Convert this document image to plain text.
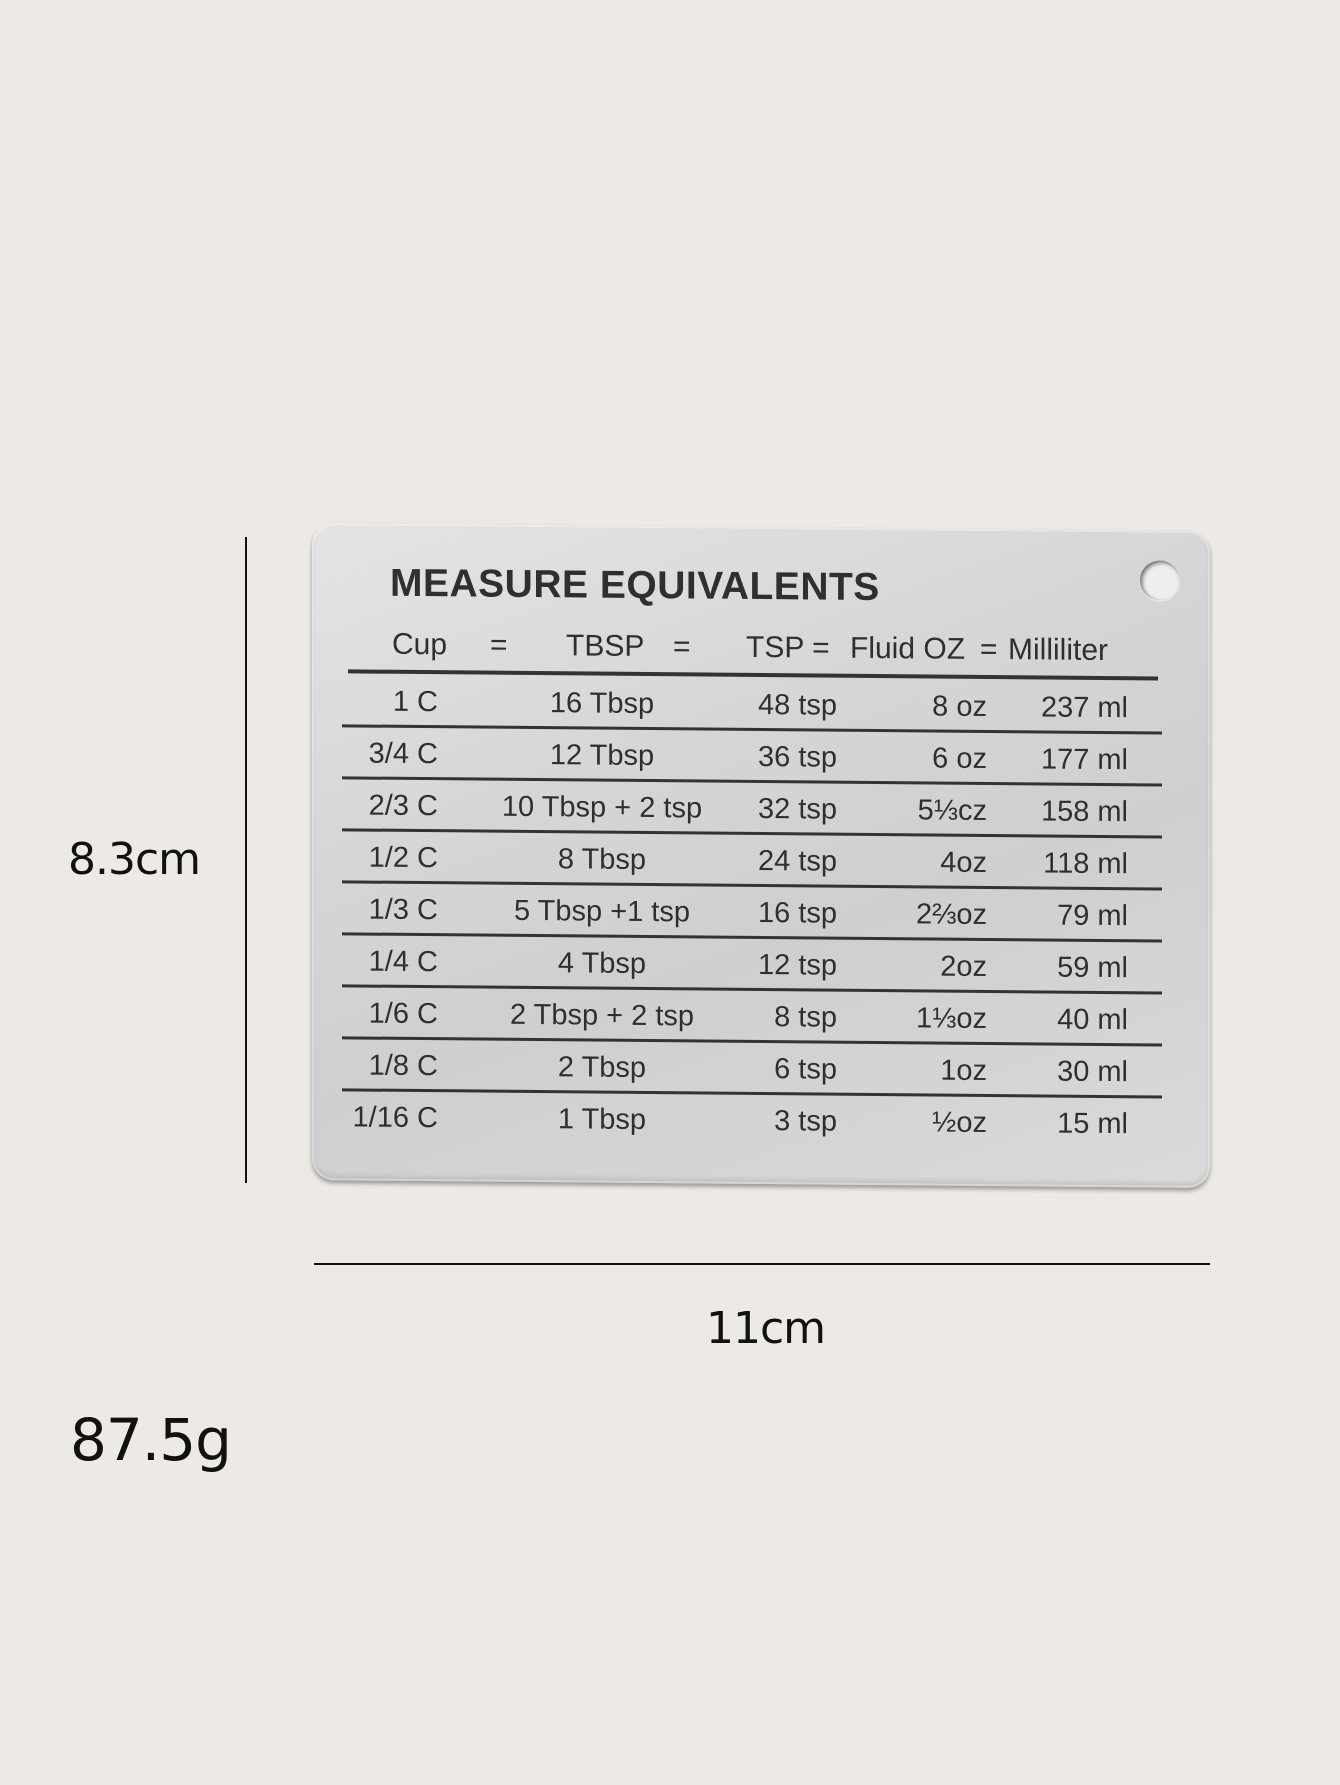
8.3cm
MEASURE EQUIVALENTS
Cup = TBSP = TSP = Fluid OZ = Milliliter
1 C	16 Tbsp	48 tsp	8 oz	237 ml
3/4 C	12 Tbsp	36 tsp	6 oz	177 ml
2/3 C	10 Tbsp + 2 tsp	32 tsp	5⅓cz	158 ml
1/2 C	8 Tbsp	24 tsp	4oz	118 ml
1/3 C	5 Tbsp +1 tsp	16 tsp	2⅔oz	79 ml
1/4 C	4 Tbsp	12 tsp	2oz	59 ml
1/6 C	2 Tbsp + 2 tsp	8 tsp	1⅓oz	40 ml
1/8 C	2 Tbsp	6 tsp	1oz	30 ml
1/16 C	1 Tbsp	3 tsp	½oz	15 ml
11cm
87.5g
